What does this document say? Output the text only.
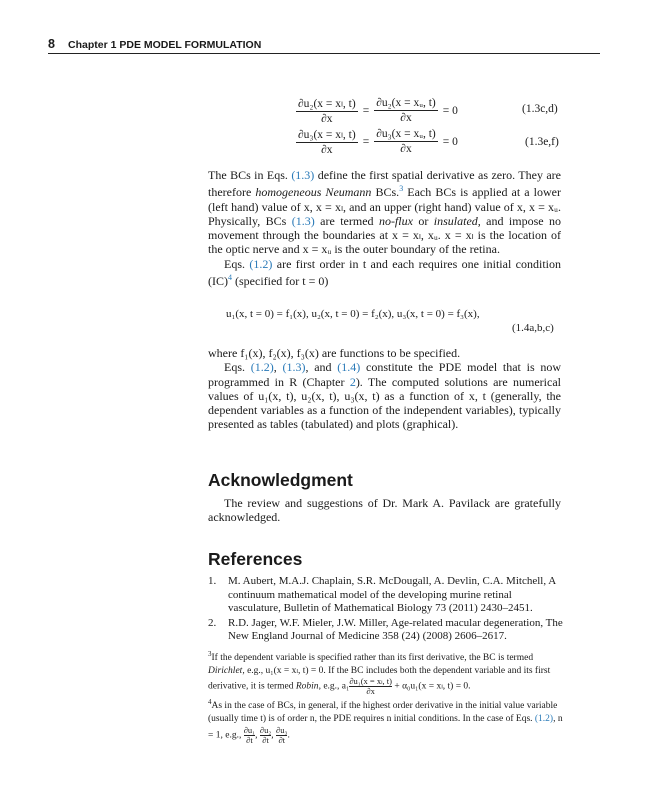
8 Chapter 1 PDE MODEL FORMULATION
$\frac{\text{∂u₂(x = xₗ, t)}}{\partial x} = \frac{\text{∂u₂(x = xᵤ, t)}}{\partial x} = 0$	(1.3c,d)
$\frac{\text{∂u₃(x = xₗ, t)}}{\partial x} = \frac{\text{∂u₃(x = xᵤ, t)}}{\partial x} = 0$	(1.3e,f)

The BCs in Eqs. (1.3) define the first spatial derivative as zero. They are therefore homogeneous Neumann BCs.$^3$ Each BCs is applied at a lower (left hand) value of x, x = xₗ, and an upper (right hand) value of x, x = xᵤ. Physically, BCs (1.3) are termed no-flux or insulated, and impose no movement through the boundaries at x = xₗ, xᵤ. x = xₗ is the location of the optic nerve and x = xᵤ is the outer boundary of the retina.

Eqs. (1.2) are first order in t and each requires one initial condition (IC)$^4$ (specified for t = 0)

u₁(x, t = 0) = f₁(x), u₂(x, t = 0) = f₂(x), u₃(x, t = 0) = f₃(x),
(1.4a,b,c)

where f₁(x), f₂(x), f₃(x) are functions to be specified.

Eqs. (1.2), (1.3), and (1.4) constitute the PDE model that is now programmed in R (Chapter 2). The computed solutions are numerical values of u₁(x, t), u₂(x, t), u₃(x, t) as a function of x, t (generally, the dependent variables as a function of the independent variables), typically presented as tables (tabulated) and plots (graphical).

Acknowledgment

The review and suggestions of Dr. Mark A. Pavilack are gratefully acknowledged.

References
1. M. Aubert, M.A.J. Chaplain, S.R. McDougall, A. Devlin, C.A. Mitchell, A continuum mathematical model of the developing murine retinal vasculature, Bulletin of Mathematical Biology 73 (2011) 2430–2451.
2. R.D. Jager, W.F. Mieler, J.W. Miller, Age-related macular degeneration, The New England Journal of Medicine 358 (24) (2008) 2606–2617.
$^3$If the dependent variable is specified rather than its first derivative, the BC is termed Dirichlet, e.g., u₁(x = xₗ, t) = 0. If the BC includes both the dependent variable and its first derivative, it is termed Robin, e.g., $a_1 \frac{\text{∂u₁(x = xₗ, t)}}{\partial x} + \alpha_0u_1(x = x_l$, t) = 0.
$^4$As in the case of BCs, in general, if the highest order derivative in the initial value variable (usually time t) is of order n, the PDE requires n initial conditions. In the case of Eqs. (1.2), n = 1, e.g., $\frac{\text{∂u₁}}{\partial t}$, $\frac{\text{∂u₂}}{\partial t}$, $\frac{\text{∂u₃}}{\partial t}$.
